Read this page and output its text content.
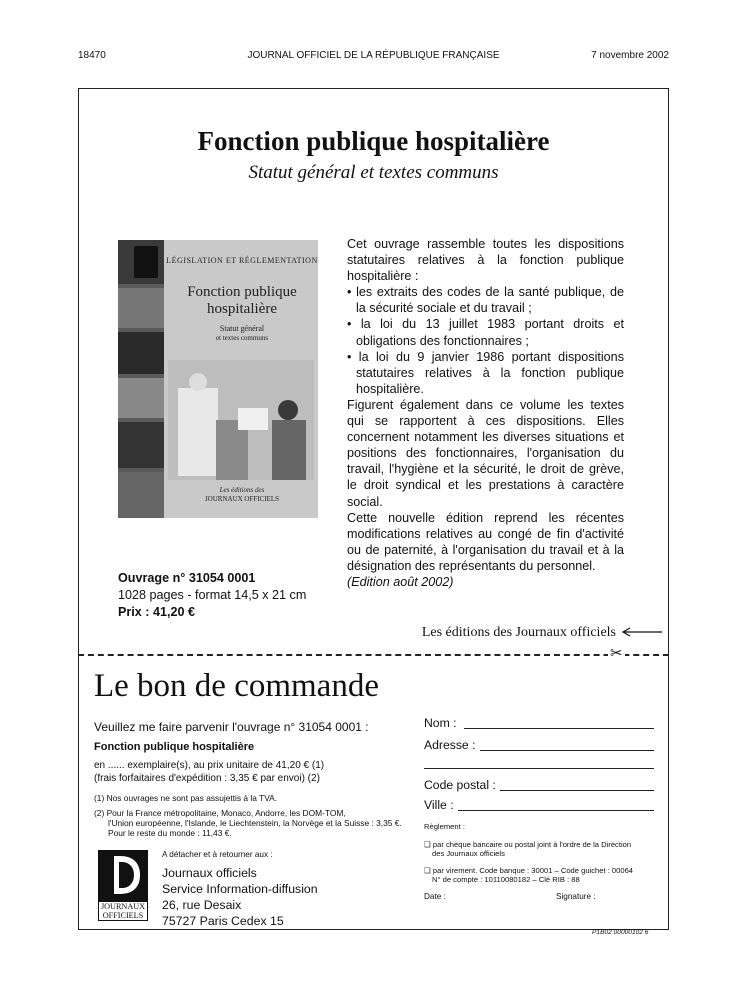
18470	JOURNAL OFFICIEL DE LA RÉPUBLIQUE FRANÇAISE	7 novembre 2002
Fonction publique hospitalière
Statut général et textes communs
LÉGISLATION ET RÉGLEMENTATION
Fonction publique
hospitalière
Statut général
et textes communs
Les éditions des
JOURNAUX OFFICIELS

Cet ouvrage rassemble toutes les dispositions statutaires relatives à la fonction publique hospitalière :

• les extraits des codes de la santé publique, de la sécurité sociale et du travail ;
• la loi du 13 juillet 1983 portant droits et obligations des fonctionnaires ;
• la loi du 9 janvier 1986 portant dispositions statutaires relatives à la fonction publique hospitalière.

Figurent également dans ce volume les textes qui se rapportent à ces dispositions. Elles concernent notamment les diverses situations et positions des fonctionnaires, l'organisation du travail, l'hygiène et la sécurité, le droit de grève, le droit syndical et les prestations à caractère social.

Cette nouvelle édition reprend les récentes modifications relatives au congé de fin d'activité ou de paternité, à l'organisation du travail et à la désignation des représentants du personnel.

(Edition août 2002)

Ouvrage n° 31054 0001
1028 pages - format 14,5 x 21 cm
Prix : 41,20 €
Les éditions des Journaux officiels
✂
Le bon de commande
Veuillez me faire parvenir l'ouvrage n° 31054 0001 :
Fonction publique hospitalière
en ...... exemplaire(s), au prix unitaire de 41,20 € (1)
(frais forfaitaires d'expédition : 3,35 € par envoi) (2)
(1) Nos ouvrages ne sont pas assujettis à la TVA.
(2) Pour la France métropolitaine, Monaco, Andorre, les DOM-TOM,
l'Union européenne, l'Islande, le Liechtenstein, la Norvège et la Suisse : 3,35 €.
Pour le reste du monde : 11,43 €.
JOURNAUX
OFFICIELS
A détacher et à retourner aux :
Journaux officiels
Service Information-diffusion
26, rue Desaix
75727 Paris Cedex 15
Nom :
Adresse :
Code postal :
Ville :
Règlement :
❑ par chèque bancaire ou postal joint à l'ordre de la Direction
des Journaux officiels
❑ par virement. Code banque : 30001 – Code guichet : 00064
N° de compte : 10110080182 – Clé RIB : 88
Date :	Signature :
P1B02 00000102 6
